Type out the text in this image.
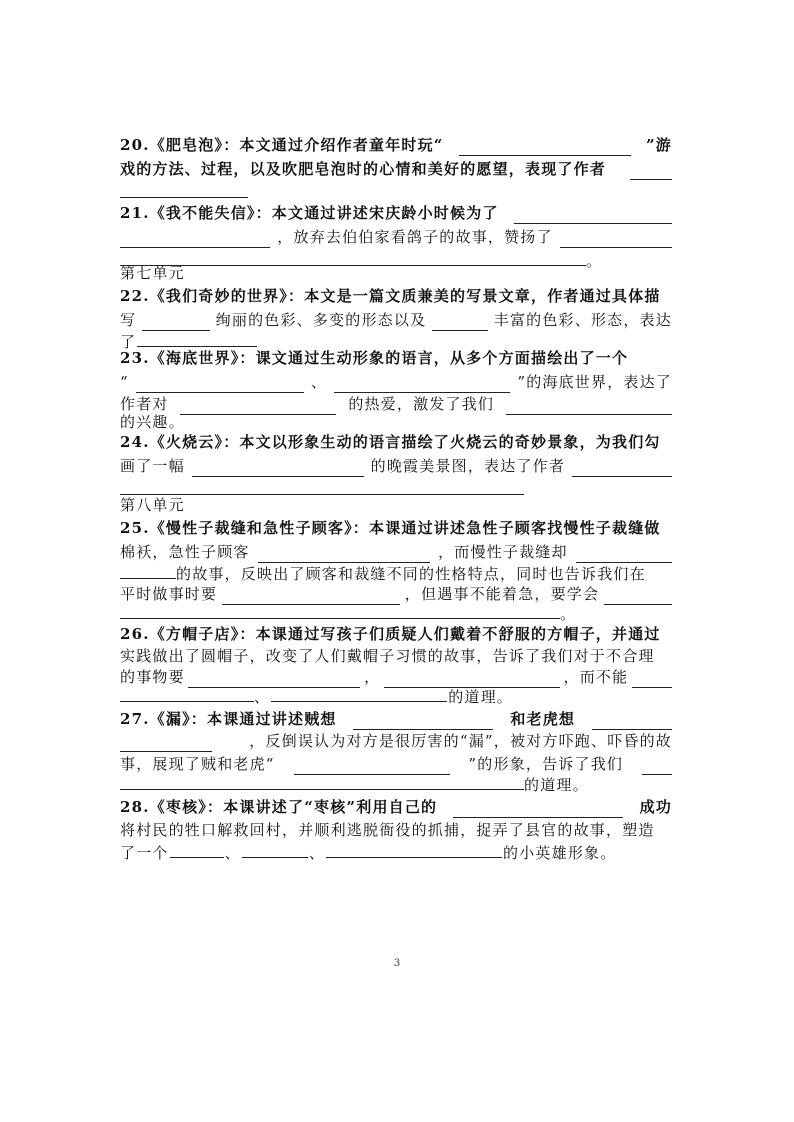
20.《肥皂泡》：本文通过介绍作者童年时玩“	”游
戏的方法、过程，以及吹肥皂泡时的心情和美好的愿望，表现了作者
21.《我不能失信》：本文通过讲述宋庆龄小时候为了
，放弃去伯伯家看鸽子的故事，赞扬了
。
第七单元
22.《我们奇妙的世界》：本文是一篇文质兼美的写景文章，作者通过具体描
写	绚丽的色彩、多变的形态以及	丰富的色彩、形态，表达
了
23.《海底世界》：课文通过生动形象的语言，从多个方面描绘出了一个
“	、	”的海底世界，表达了
作者对	的热爱，激发了我们
的兴趣。
24.《火烧云》：本文以形象生动的语言描绘了火烧云的奇妙景象，为我们勾
画了一幅	的晚霞美景图，表达了作者
第八单元
25.《慢性子裁缝和急性子顾客》：本课通过讲述急性子顾客找慢性子裁缝做
棉袄，急性子顾客	，而慢性子裁缝却
的故事，反映出了顾客和裁缝不同的性格特点，同时也告诉我们在
平时做事时要	，但遇事不能着急，要学会
。
26.《方帽子店》：本课通过写孩子们质疑人们戴着不舒服的方帽子，并通过
实践做出了圆帽子，改变了人们戴帽子习惯的故事，告诉了我们对于不合理
的事物要	，	，而不能
、	的道理。
27.《漏》：本课通过讲述贼想	和老虎想
，反倒误认为对方是很厉害的“漏”，被对方吓跑、吓昏的故
事，展现了贼和老虎“	”的形象，告诉了我们
的道理。
28.《枣核》：本课讲述了“枣核”利用自己的	成功
将村民的牲口解救回村，并顺利逃脱衙役的抓捕，捉弄了县官的故事，塑造
了一个	、	、	的小英雄形象。
3
